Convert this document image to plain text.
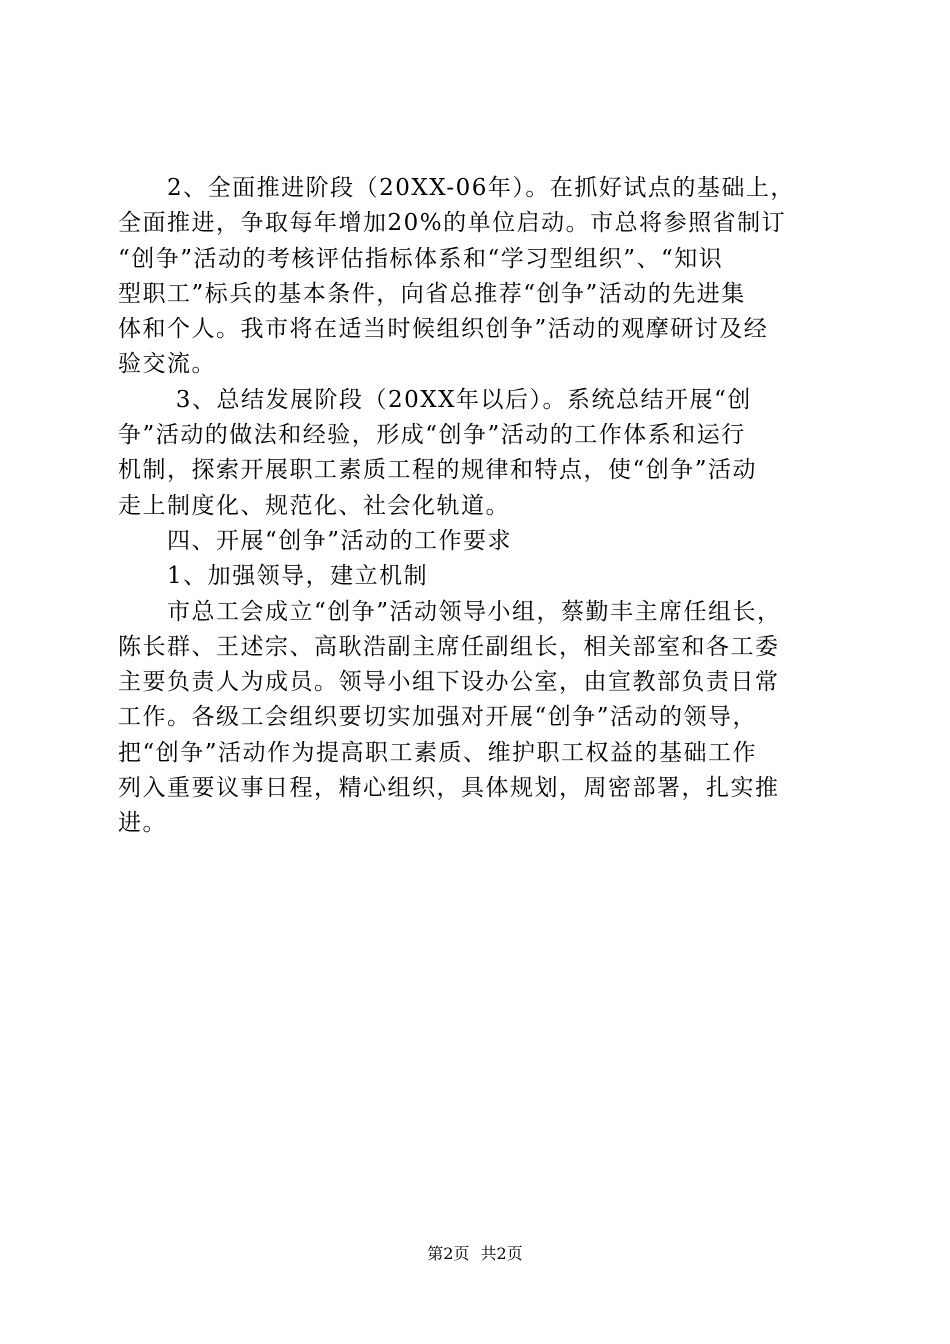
　　2、全面推进阶段（20XX-06年）。在抓好试点的基础上，
全面推进，争取每年增加20%的单位启动。市总将参照省制订
“创争”活动的考核评估指标体系和“学习型组织”、“知识
型职工”标兵的基本条件，向省总推荐“创争”活动的先进集
体和个人。我市将在适当时候组织创争”活动的观摩研讨及经
验交流。
　　 3、总结发展阶段（20XX年以后）。系统总结开展“创
争”活动的做法和经验，形成“创争”活动的工作体系和运行
机制，探索开展职工素质工程的规律和特点，使“创争”活动
走上制度化、规范化、社会化轨道。
　　四、开展“创争”活动的工作要求
　　1、加强领导，建立机制
　　市总工会成立“创争”活动领导小组，蔡勤丰主席任组长，
陈长群、王述宗、高耿浩副主席任副组长，相关部室和各工委
主要负责人为成员。领导小组下设办公室，由宣教部负责日常
工作。各级工会组织要切实加强对开展“创争”活动的领导，
把“创争”活动作为提高职工素质、维护职工权益的基础工作
列入重要议事日程，精心组织，具体规划，周密部署，扎实推
进。
第2页 共2页
